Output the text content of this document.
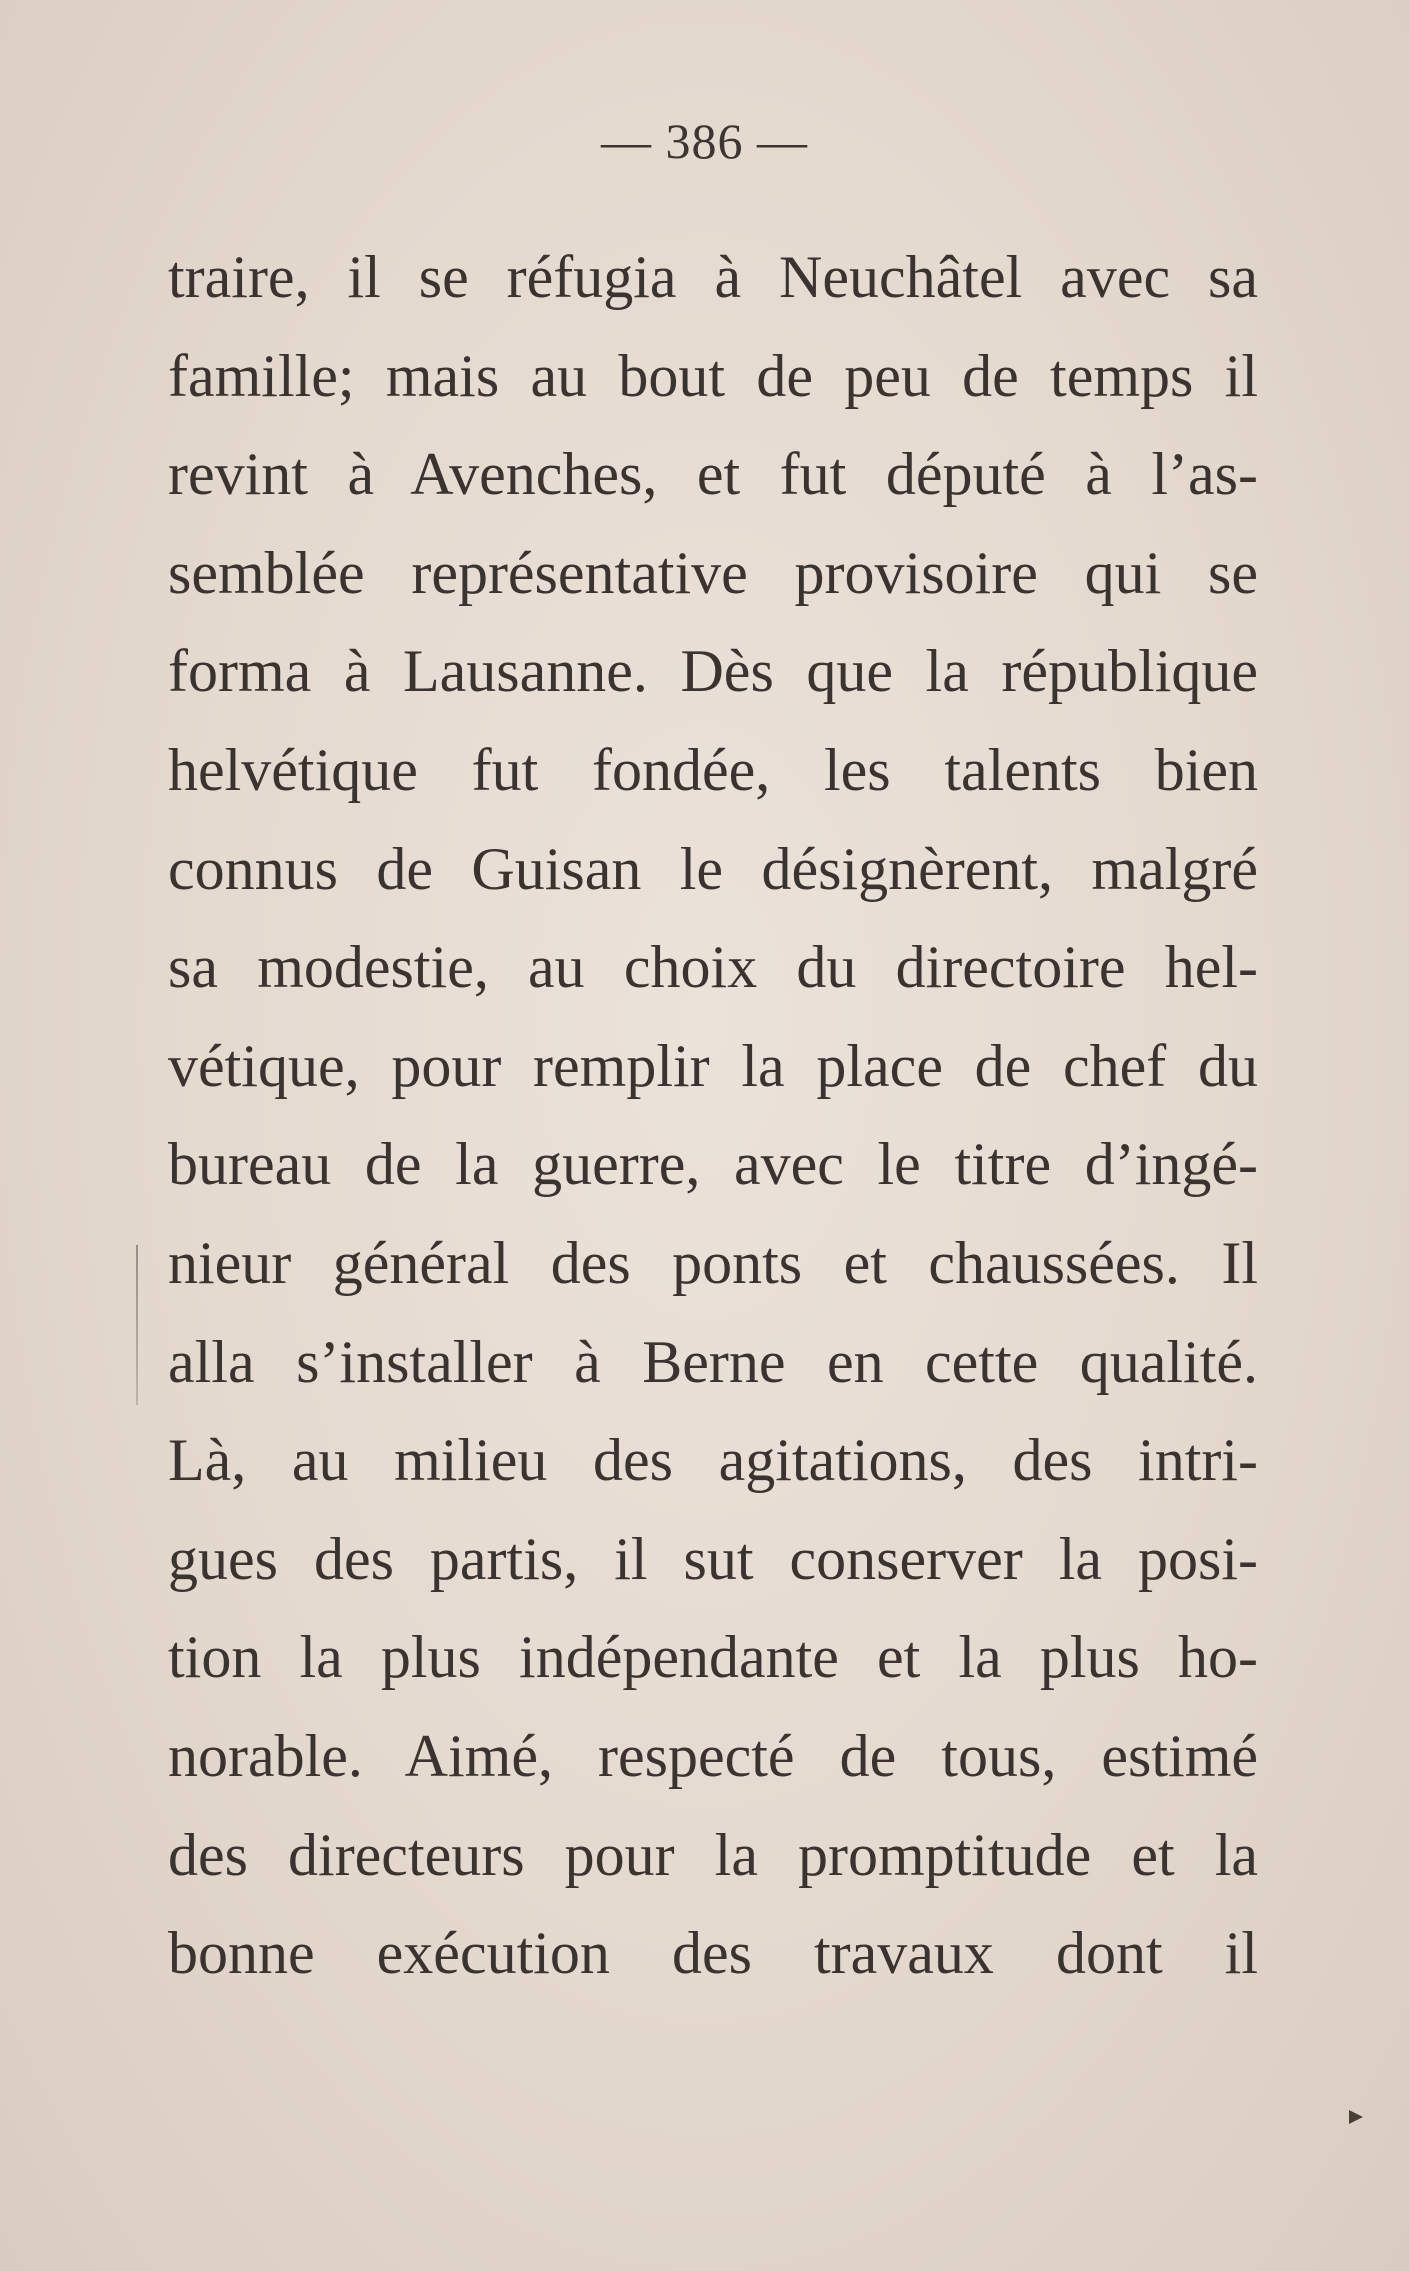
— 386 —
traire, il se réfugia à Neuchâtel avec sa
famille; mais au bout de peu de temps il
revint à Avenches, et fut député à l’as-
semblée représentative provisoire qui se
forma à Lausanne. Dès que la république
helvétique fut fondée, les talents bien
connus de Guisan le désignèrent, malgré
sa modestie, au choix du directoire hel-
vétique, pour remplir la place de chef du
bureau de la guerre, avec le titre d’ingé-
nieur général des ponts et chaussées. Il
alla s’installer à Berne en cette qualité.
Là, au milieu des agitations, des intri-
gues des partis, il sut conserver la posi-
tion la plus indépendante et la plus ho-
norable. Aimé, respecté de tous, estimé
des directeurs pour la promptitude et la
bonne exécution des travaux dont il
